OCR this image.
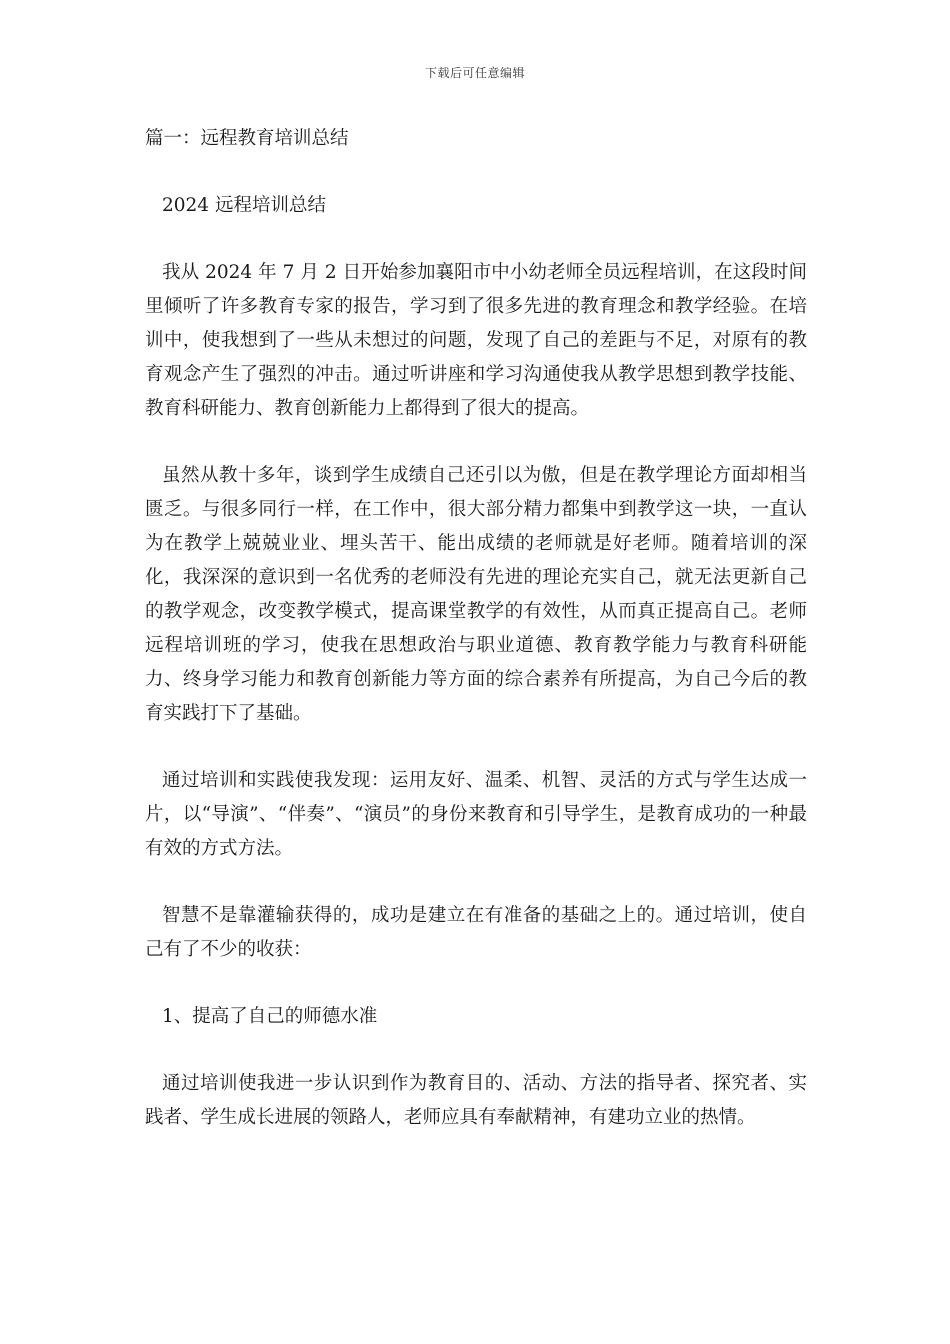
下载后可任意编辑

篇一：远程教育培训总结

2024 远程培训总结

我从 2024 年 7 月 2 日开始参加襄阳市中小幼老师全员远程培训，在这段时间里倾听了许多教育专家的报告，学习到了很多先进的教育理念和教学经验。在培训中，使我想到了一些从未想过的问题，发现了自己的差距与不足，对原有的教育观念产生了强烈的冲击。通过听讲座和学习沟通使我从教学思想到教学技能、教育科研能力、教育创新能力上都得到了很大的提高。

虽然从教十多年，谈到学生成绩自己还引以为傲，但是在教学理论方面却相当匮乏。与很多同行一样，在工作中，很大部分精力都集中到教学这一块，一直认为在教学上兢兢业业、埋头苦干、能出成绩的老师就是好老师。随着培训的深化，我深深的意识到一名优秀的老师没有先进的理论充实自己，就无法更新自己的教学观念，改变教学模式，提高课堂教学的有效性，从而真正提高自己。老师远程培训班的学习，使我在思想政治与职业道德、教育教学能力与教育科研能力、终身学习能力和教育创新能力等方面的综合素养有所提高，为自己今后的教育实践打下了基础。

通过培训和实践使我发现：运用友好、温柔、机智、灵活的方式与学生达成一片，以“导演”、“伴奏”、“演员”的身份来教育和引导学生，是教育成功的一种最有效的方式方法。

智慧不是靠灌输获得的，成功是建立在有准备的基础之上的。通过培训，使自己有了不少的收获：

1、提高了自己的师德水准

通过培训使我进一步认识到作为教育目的、活动、方法的指导者、探究者、实践者、学生成长进展的领路人，老师应具有奉献精神，有建功立业的热情。
